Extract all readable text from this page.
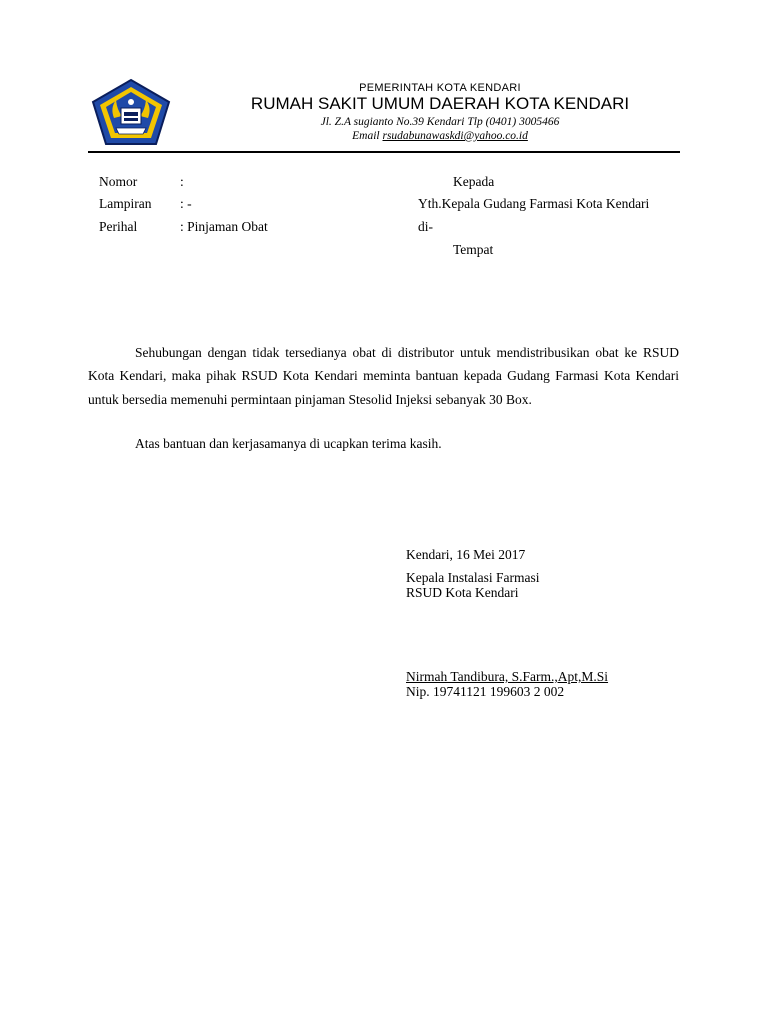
PEMERINTAH KOTA KENDARI
RUMAH SAKIT UMUM DAERAH KOTA KENDARI
Jl. Z.A sugianto No.39 Kendari Tlp (0401) 3005466
Email rsudabunawaskdi@yahoo.co.id
Nomor	:
Lampiran : -
Perihal	: Pinjaman Obat
Kepada
Yth.Kepala Gudang Farmasi Kota Kendari
di-
Tempat
Sehubungan dengan tidak tersedianya obat di distributor untuk mendistribusikan obat ke RSUD Kota Kendari, maka pihak RSUD Kota Kendari meminta bantuan kepada Gudang Farmasi Kota Kendari untuk bersedia memenuhi permintaan pinjaman Stesolid Injeksi sebanyak 30 Box.
Atas bantuan dan kerjasamanya di ucapkan terima kasih.
Kendari, 16 Mei 2017
Kepala Instalasi Farmasi
RSUD Kota Kendari
Nirmah Tandibura, S.Farm.,Apt,M.Si
Nip. 19741121 199603 2 002
